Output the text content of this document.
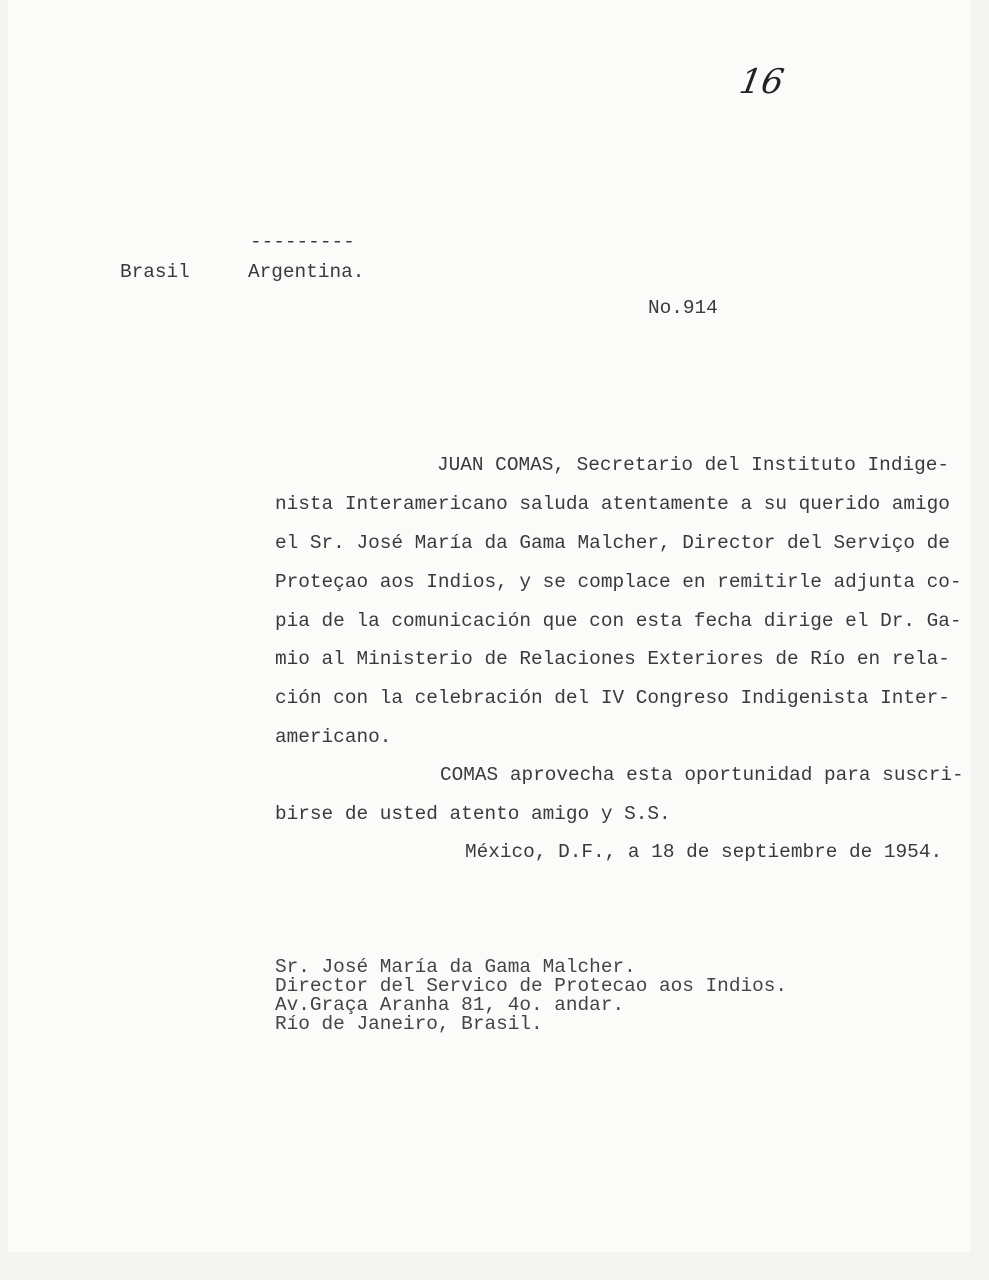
16
---------
Brasil	Argentina.
No.914
JUAN COMAS, Secretario del Instituto Indige-
nista Interamericano saluda atentamente a su querido amigo
el Sr. José María da Gama Malcher, Director del Serviço de
Proteçao aos Indios, y se complace en remitirle adjunta co-
pia de la comunicación que con esta fecha dirige el Dr. Ga-
mio al Ministerio de Relaciones Exteriores de Río en rela-
ción con la celebración del IV Congreso Indigenista Inter-
americano.
COMAS aprovecha esta oportunidad para suscri-
birse de usted atento amigo y S.S.
México, D.F., a 18 de septiembre de 1954.
Sr. José María da Gama Malcher.
Director del Servico de Protecao aos Indios.
Av.Graça Aranha 81, 4o. andar.
Río de Janeiro, Brasil.
